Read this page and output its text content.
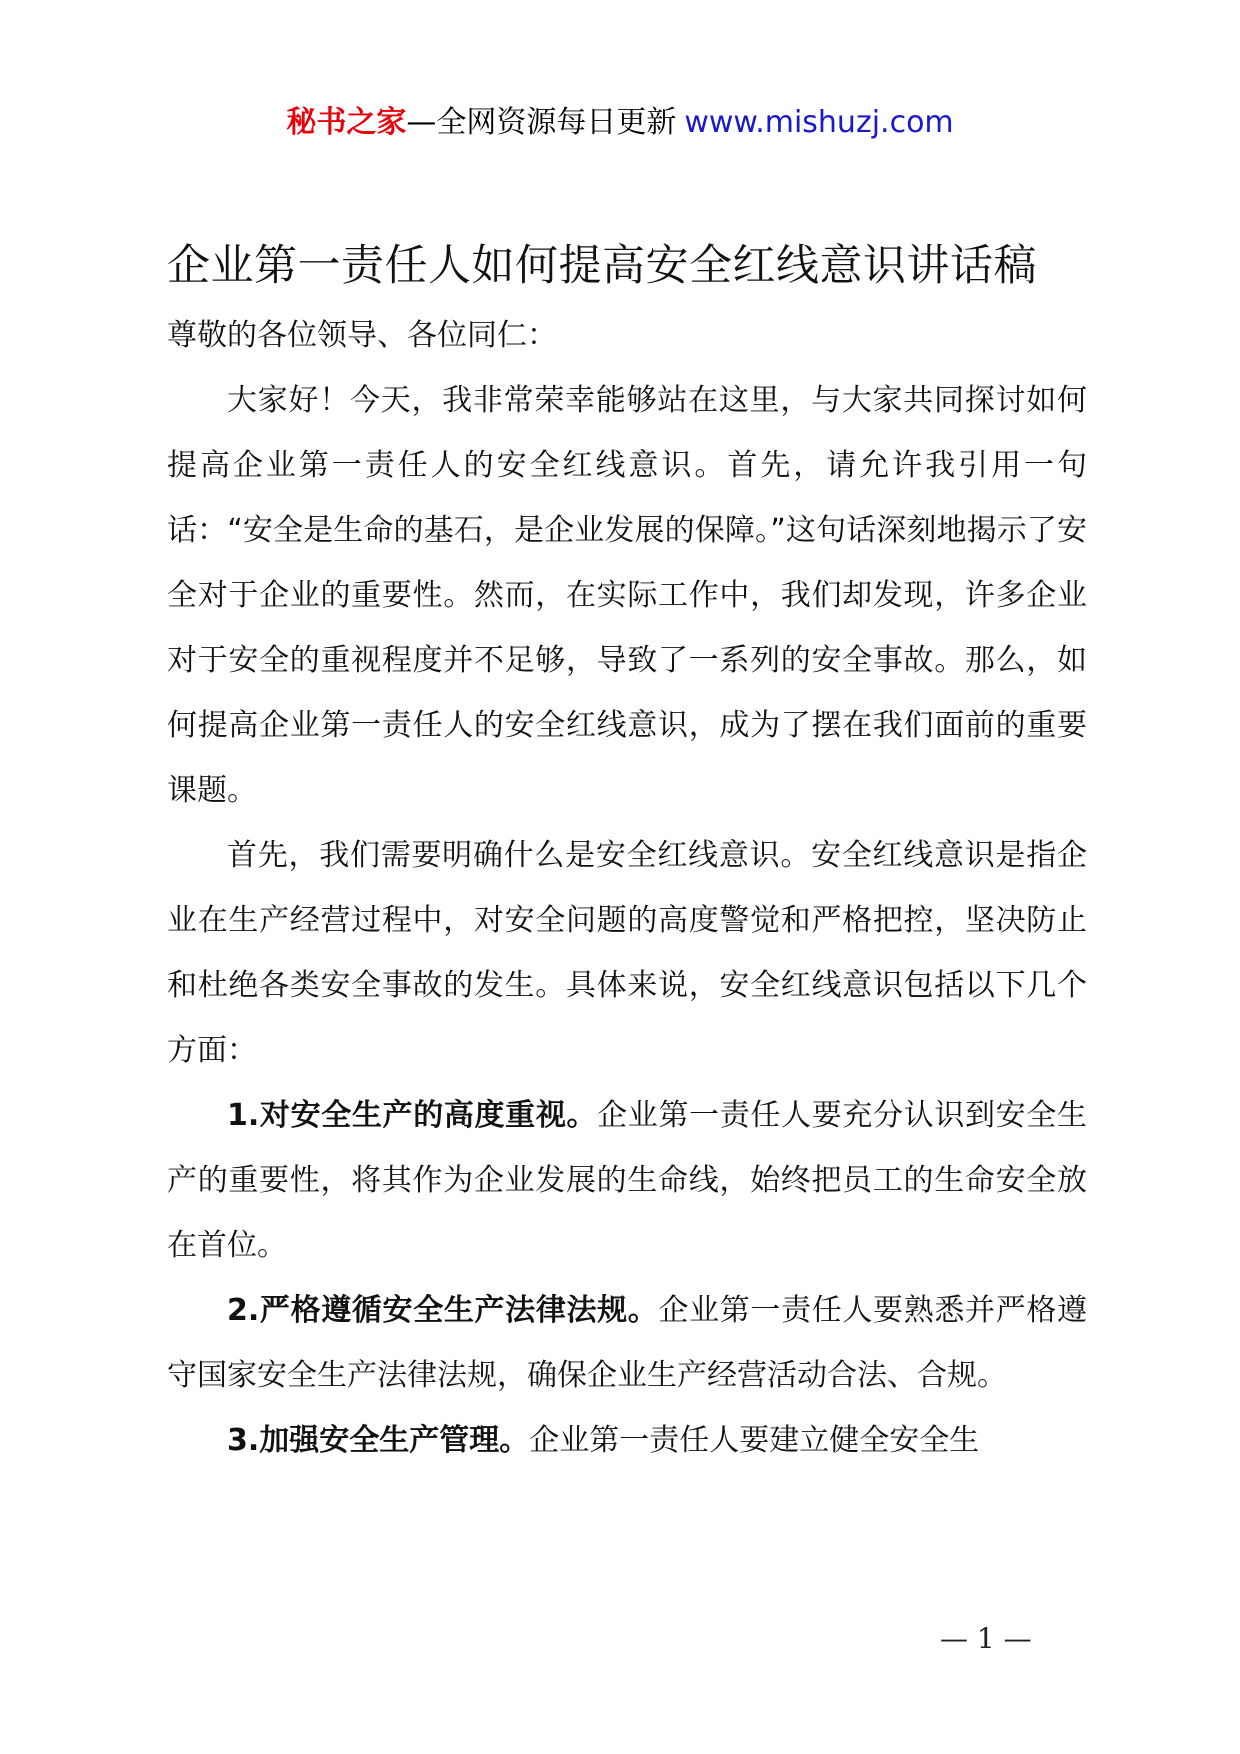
秘书之家—全网资源每日更新 www.mishuzj.com
企业第一责任人如何提高安全红线意识讲话稿

尊敬的各位领导、各位同仁：

大家好！今天，我非常荣幸能够站在这里，与大家共同探讨如何提高企业第一责任人的安全红线意识。首先，请允许我引用一句话：“安全是生命的基石，是企业发展的保障。”这句话深刻地揭示了安全对于企业的重要性。然而，在实际工作中，我们却发现，许多企业对于安全的重视程度并不足够，导致了一系列的安全事故。那么，如何提高企业第一责任人的安全红线意识，成为了摆在我们面前的重要课题。

首先，我们需要明确什么是安全红线意识。安全红线意识是指企业在生产经营过程中，对安全问题的高度警觉和严格把控，坚决防止和杜绝各类安全事故的发生。具体来说，安全红线意识包括以下几个方面：

1.对安全生产的高度重视。企业第一责任人要充分认识到安全生产的重要性，将其作为企业发展的生命线，始终把员工的生命安全放在首位。

2.严格遵循安全生产法律法规。企业第一责任人要熟悉并严格遵守国家安全生产法律法规，确保企业生产经营活动合法、合规。

3.加强安全生产管理。企业第一责任人要建立健全安全生

— 1 —
